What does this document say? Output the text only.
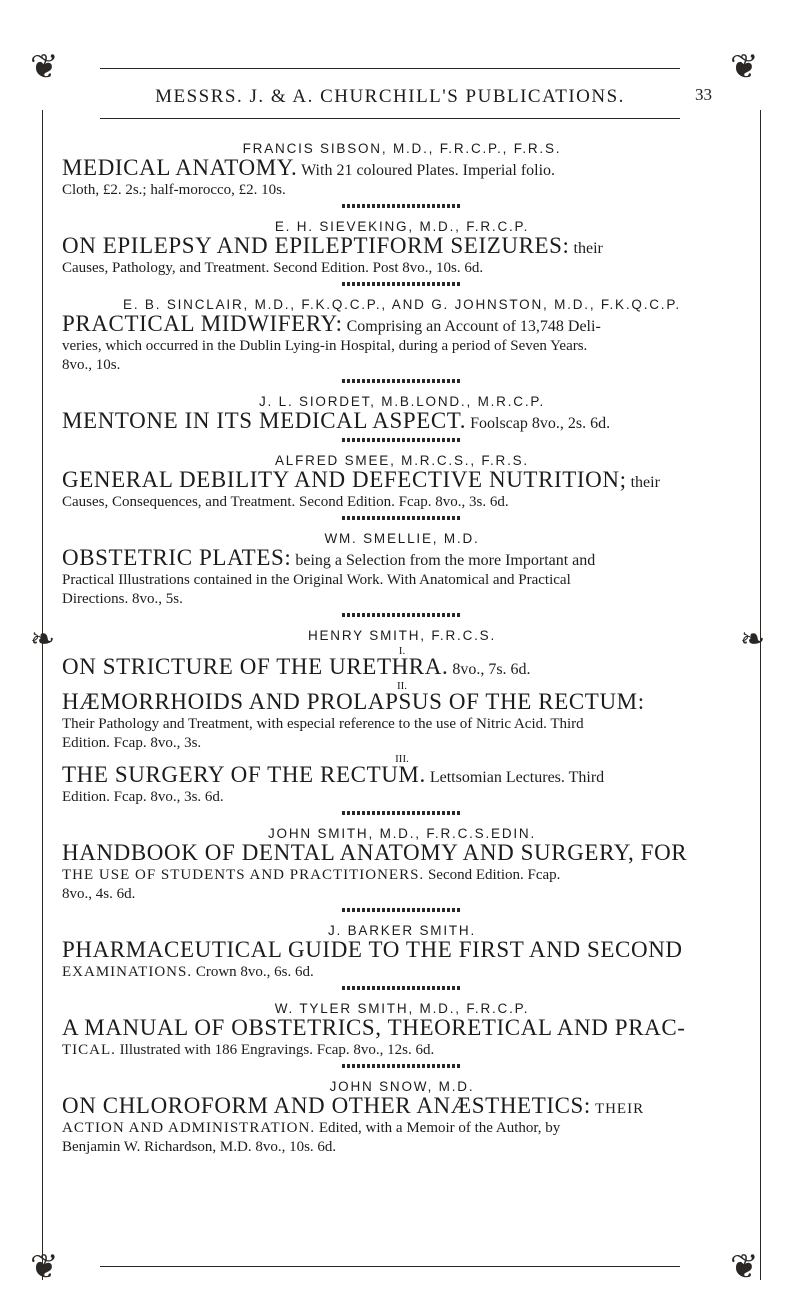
❦	❦
❦	❦
❧	❧
MESSRS. J. & A. CHURCHILL'S PUBLICATIONS.	33

FRANCIS SIBSON, M.D., F.R.C.P., F.R.S.

MEDICAL ANATOMY. With 21 coloured Plates. Imperial folio.

Cloth, £2. 2s.; half-morocco, £2. 10s.

E. H. SIEVEKING, M.D., F.R.C.P.

ON EPILEPSY AND EPILEPTIFORM SEIZURES: their

Causes, Pathology, and Treatment. Second Edition. Post 8vo., 10s. 6d.

E. B. SINCLAIR, M.D., F.K.Q.C.P., AND G. JOHNSTON, M.D., F.K.Q.C.P.

PRACTICAL MIDWIFERY: Comprising an Account of 13,748 Deli-

veries, which occurred in the Dublin Lying-in Hospital, during a period of Seven Years.

8vo., 10s.

J. L. SIORDET, M.B.LOND., M.R.C.P.

MENTONE IN ITS MEDICAL ASPECT. Foolscap 8vo., 2s. 6d.

ALFRED SMEE, M.R.C.S., F.R.S.

GENERAL DEBILITY AND DEFECTIVE NUTRITION; their

Causes, Consequences, and Treatment. Second Edition. Fcap. 8vo., 3s. 6d.

WM. SMELLIE, M.D.

OBSTETRIC PLATES: being a Selection from the more Important and

Practical Illustrations contained in the Original Work. With Anatomical and Practical

Directions. 8vo., 5s.

HENRY SMITH, F.R.C.S.

I.

ON STRICTURE OF THE URETHRA. 8vo., 7s. 6d.

II.

HÆMORRHOIDS AND PROLAPSUS OF THE RECTUM:

Their Pathology and Treatment, with especial reference to the use of Nitric Acid. Third

Edition. Fcap. 8vo., 3s.

III.

THE SURGERY OF THE RECTUM. Lettsomian Lectures. Third

Edition. Fcap. 8vo., 3s. 6d.

JOHN SMITH, M.D., F.R.C.S.EDIN.

HANDBOOK OF DENTAL ANATOMY AND SURGERY, FOR

THE USE OF STUDENTS AND PRACTITIONERS. Second Edition. Fcap.

8vo., 4s. 6d.

J. BARKER SMITH.

PHARMACEUTICAL GUIDE TO THE FIRST AND SECOND

EXAMINATIONS. Crown 8vo., 6s. 6d.

W. TYLER SMITH, M.D., F.R.C.P.

A MANUAL OF OBSTETRICS, THEORETICAL AND PRAC-

TICAL. Illustrated with 186 Engravings. Fcap. 8vo., 12s. 6d.

JOHN SNOW, M.D.

ON CHLOROFORM AND OTHER ANÆSTHETICS: THEIR

ACTION AND ADMINISTRATION. Edited, with a Memoir of the Author, by

Benjamin W. Richardson, M.D. 8vo., 10s. 6d.
